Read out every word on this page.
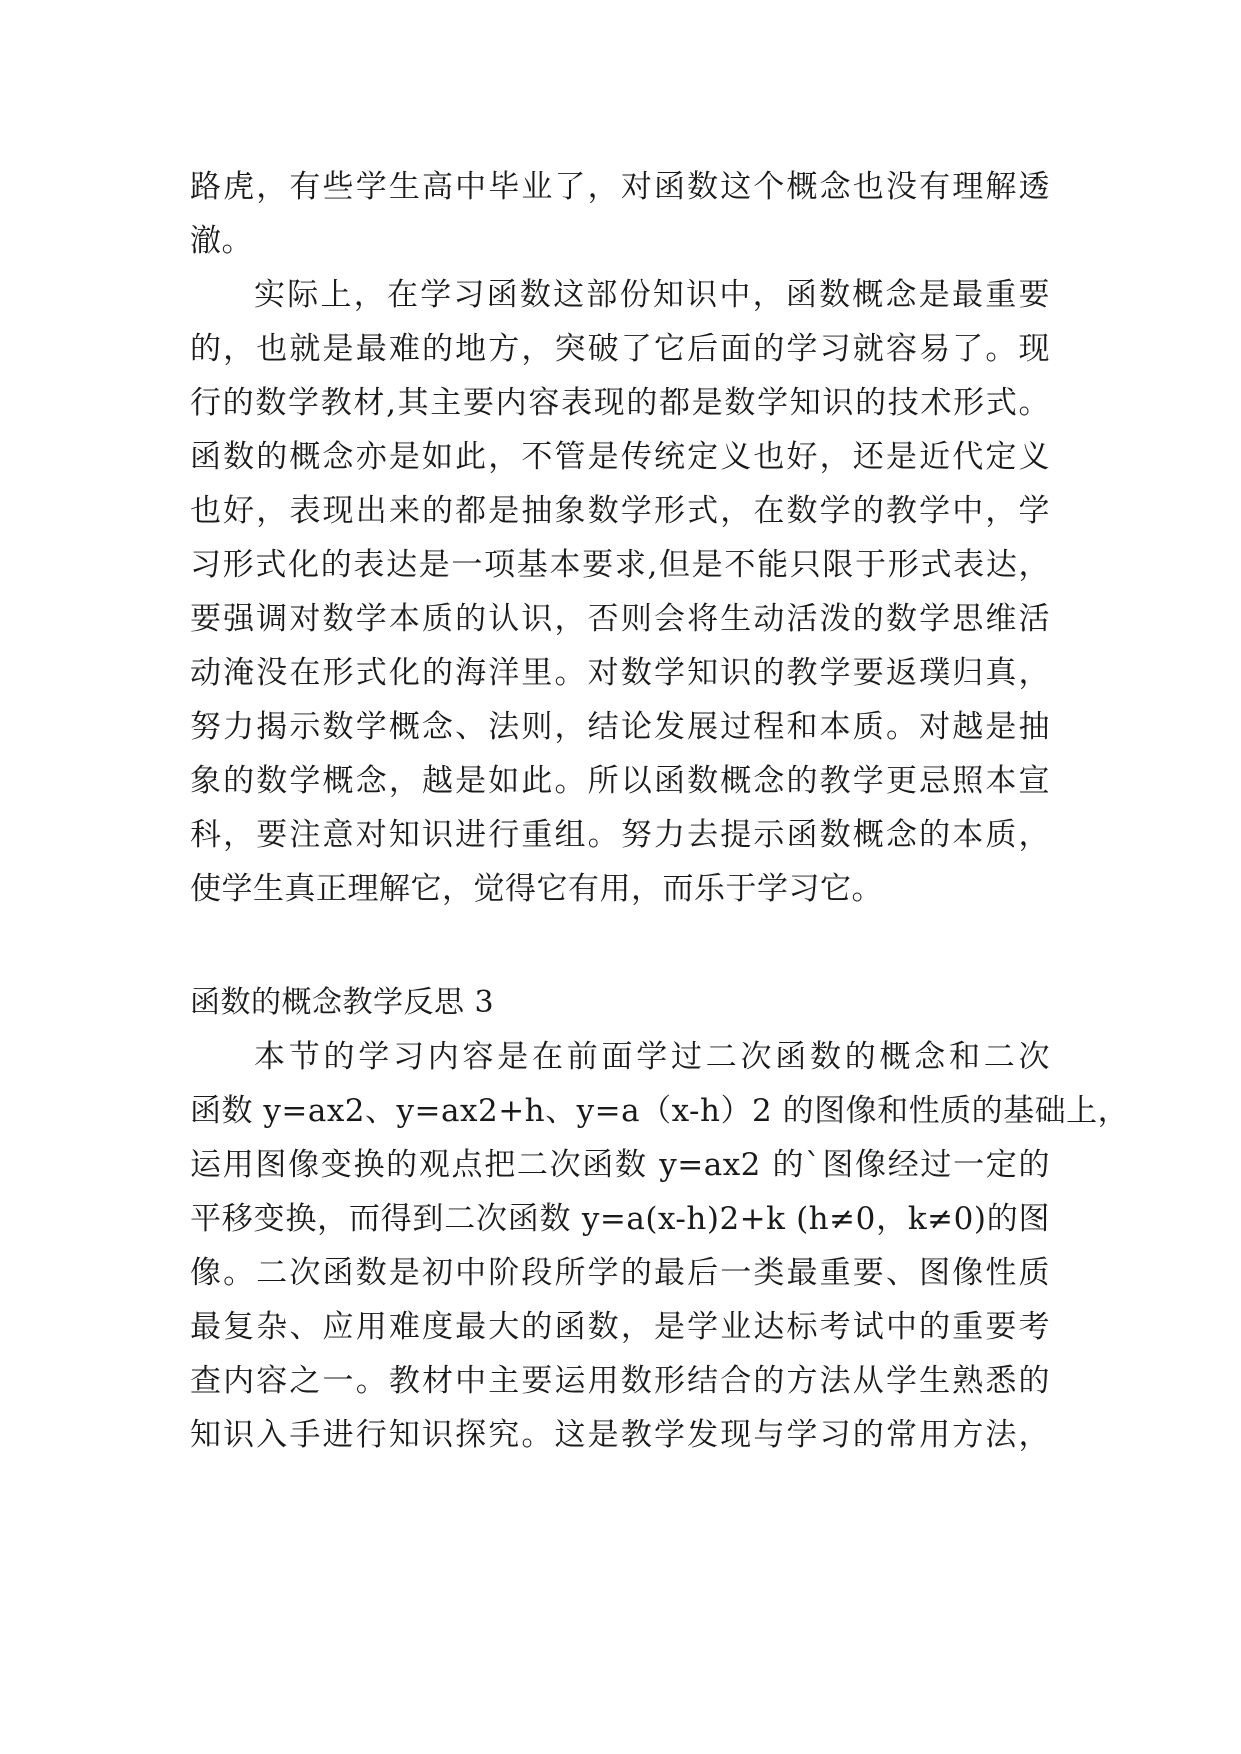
路虎，有些学生高中毕业了，对函数这个概念也没有理解透
澈。
实际上，在学习函数这部份知识中，函数概念是最重要
的，也就是最难的地方，突破了它后面的学习就容易了。现
行的数学教材,其主要内容表现的都是数学知识的技术形式。
函数的概念亦是如此，不管是传统定义也好，还是近代定义
也好，表现出来的都是抽象数学形式，在数学的教学中，学
习形式化的表达是一项基本要求,但是不能只限于形式表达，
要强调对数学本质的认识，否则会将生动活泼的数学思维活
动淹没在形式化的海洋里。对数学知识的教学要返璞归真，
努力揭示数学概念、法则，结论发展过程和本质。对越是抽
象的数学概念，越是如此。所以函数概念的教学更忌照本宣
科，要注意对知识进行重组。努力去提示函数概念的本质，
使学生真正理解它，觉得它有用，而乐于学习它。
函数的概念教学反思 3
本节的学习内容是在前面学过二次函数的概念和二次
函数 y=ax2、y=ax2+h、y=a（x-h）2 的图像和性质的基础上，
运用图像变换的观点把二次函数 y=ax2 的`图像经过一定的
平移变换，而得到二次函数 y=a(x-h)2+k (h≠0，k≠0)的图
像。二次函数是初中阶段所学的最后一类最重要、图像性质
最复杂、应用难度最大的函数，是学业达标考试中的重要考
查内容之一。教材中主要运用数形结合的方法从学生熟悉的
知识入手进行知识探究。这是教学发现与学习的常用方法，
